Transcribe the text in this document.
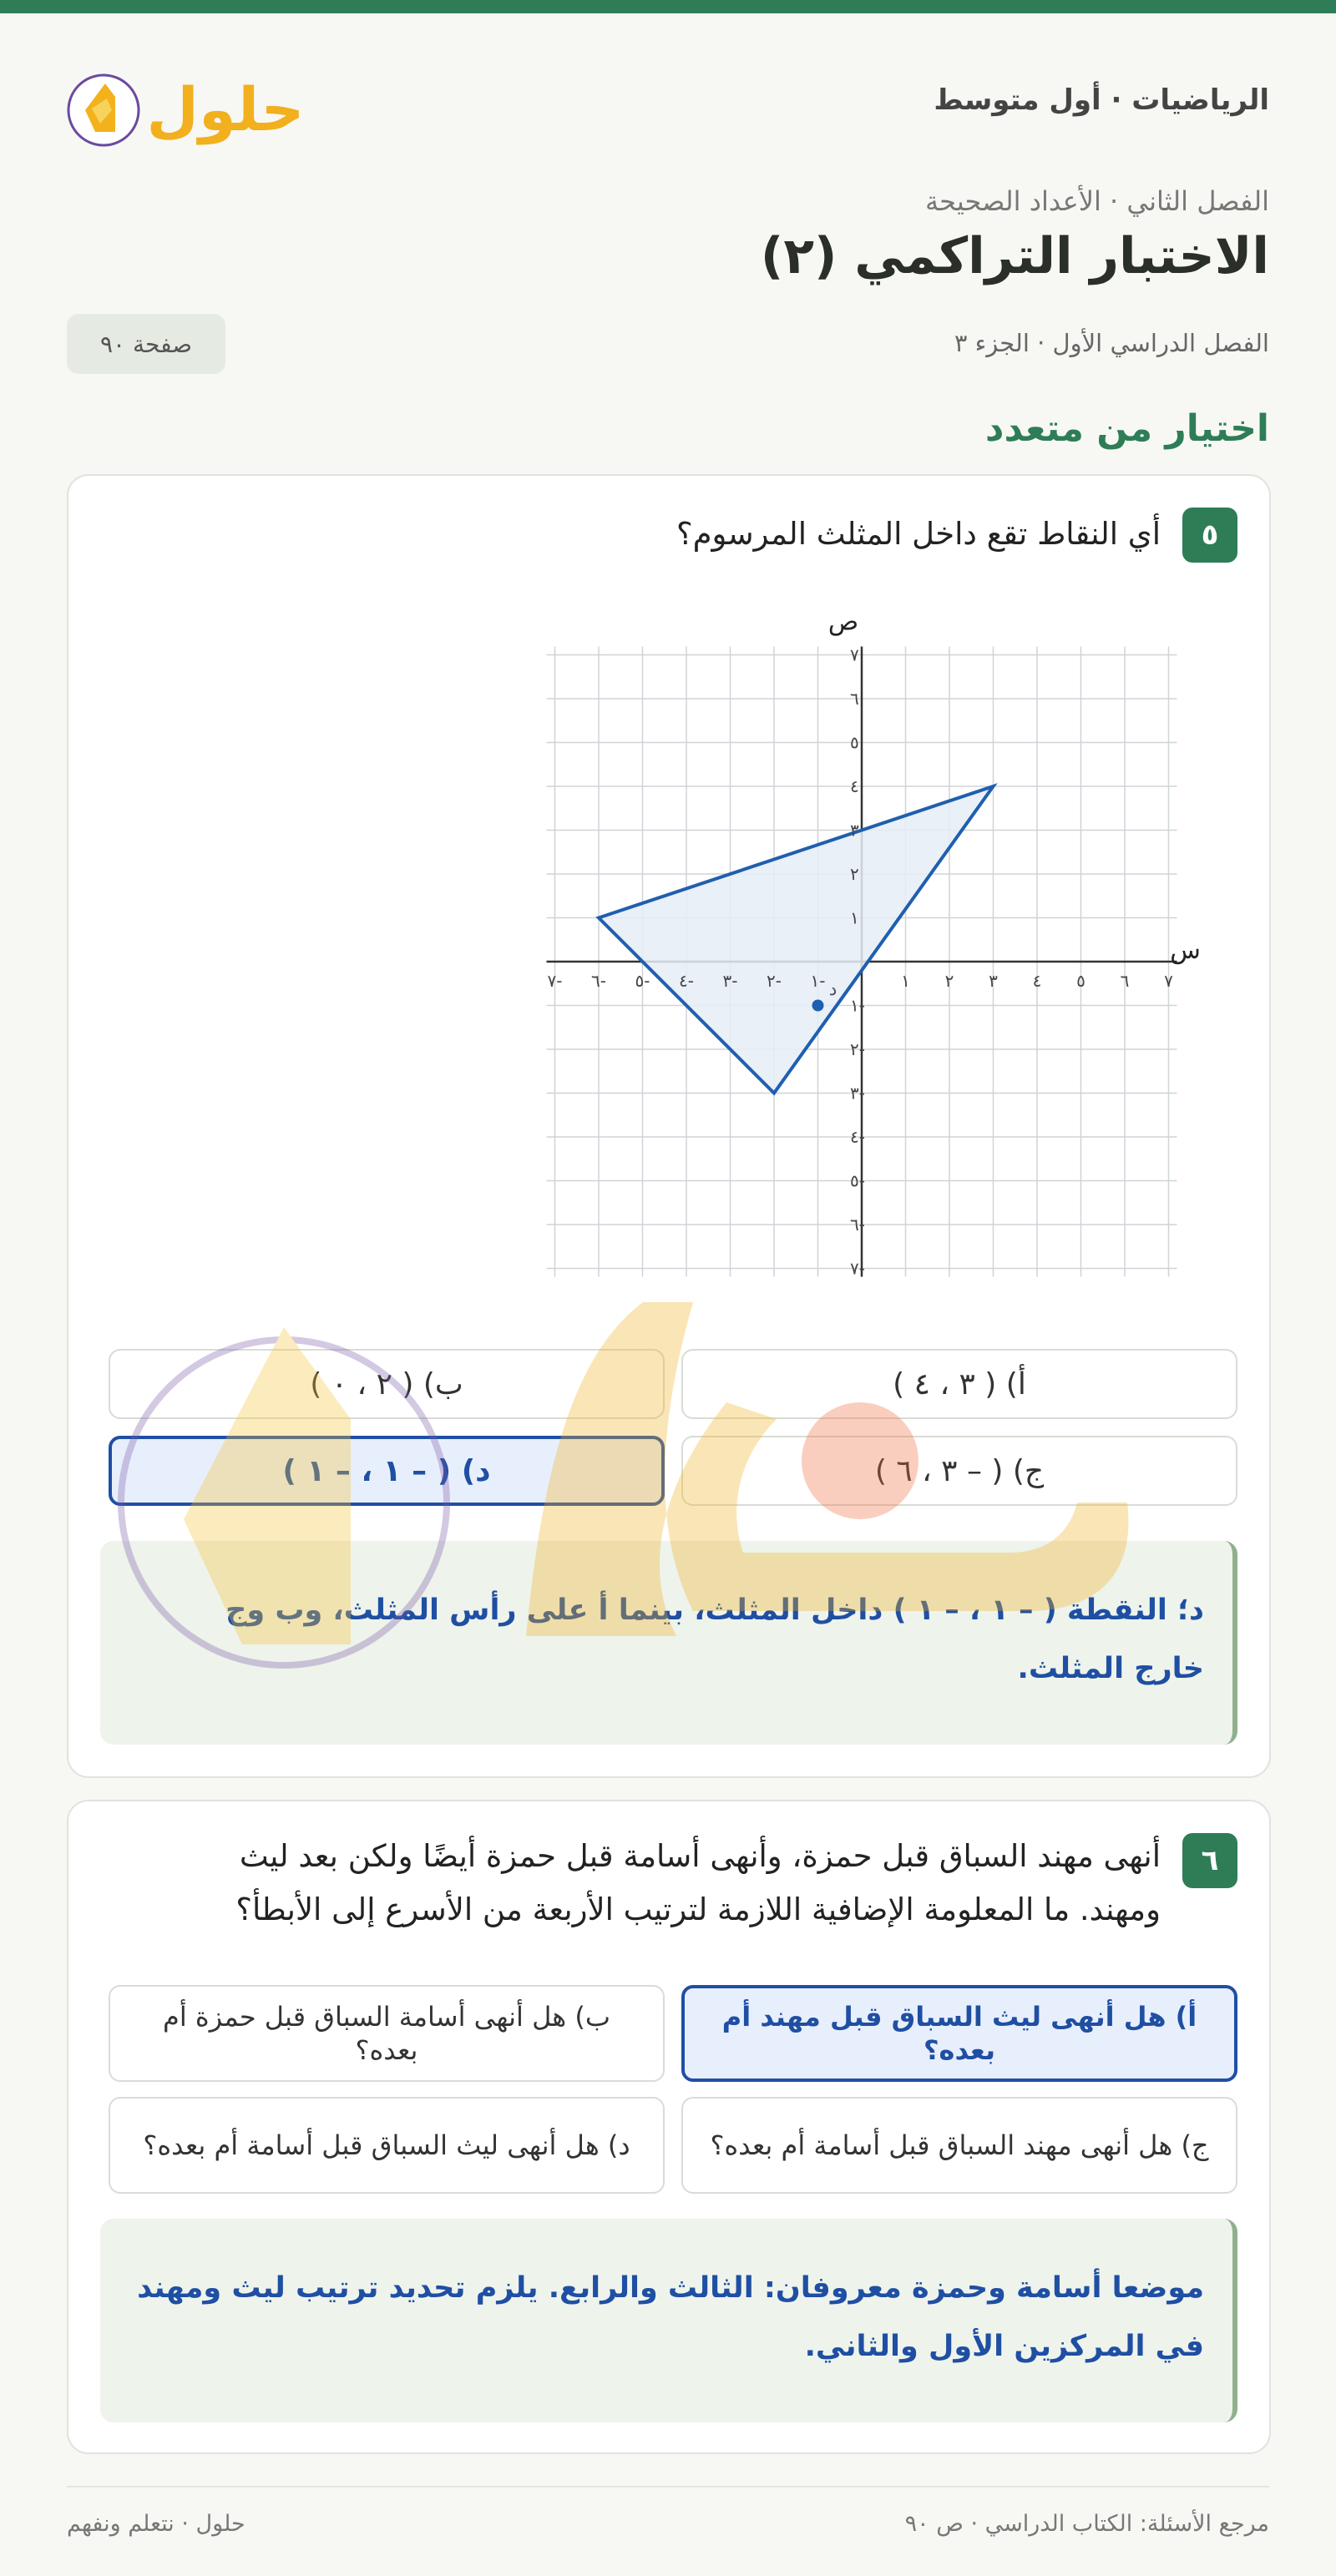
الرياضيات · أول متوسط
حلول
الفصل الثاني · الأعداد الصحيحة
الاختبار التراكمي (٢)
الفصل الدراسي الأول · الجزء ٣
صفحة ٩٠
اختيار من متعدد
٥
أي النقاط تقع داخل المثلث المرسوم؟
-٧ -٦ -٥ -٤ -٣ -٢ -١	١ ٢ ٣ ٤ ٥ ٦ ٧
٧
٦
٥
٤
٣
٢
١
-١
-٢
-٣
-٤
-٥
-٦
-٧
س
ص
د
أ) ( ٣ ، ٤ )
ب) ( ٢ ، ٠ )
ج) ( – ٣ ، ٦ )
د) ( – ١ ، – ١ )
د؛ النقطة ( – ١ ، – ١ ) داخل المثلث، بينما أ على رأس المثلث، وب وج
خارج المثلث.
٦
أنهى مهند السباق قبل حمزة، وأنهى أسامة قبل حمزة أيضًا ولكن بعد ليث
ومهند. ما المعلومة الإضافية اللازمة لترتيب الأربعة من الأسرع إلى الأبطأ؟
أ) هل أنهى ليث السباق قبل مهند أم بعده؟
ب) هل أنهى أسامة السباق قبل حمزة أم بعده؟
ج) هل أنهى مهند السباق قبل أسامة أم بعده؟
د) هل أنهى ليث السباق قبل أسامة أم بعده؟
موضعا أسامة وحمزة معروفان: الثالث والرابع. يلزم تحديد ترتيب ليث ومهند
في المركزين الأول والثاني.
مرجع الأسئلة: الكتاب الدراسي · ص ٩٠
حلول · نتعلم ونفهم
